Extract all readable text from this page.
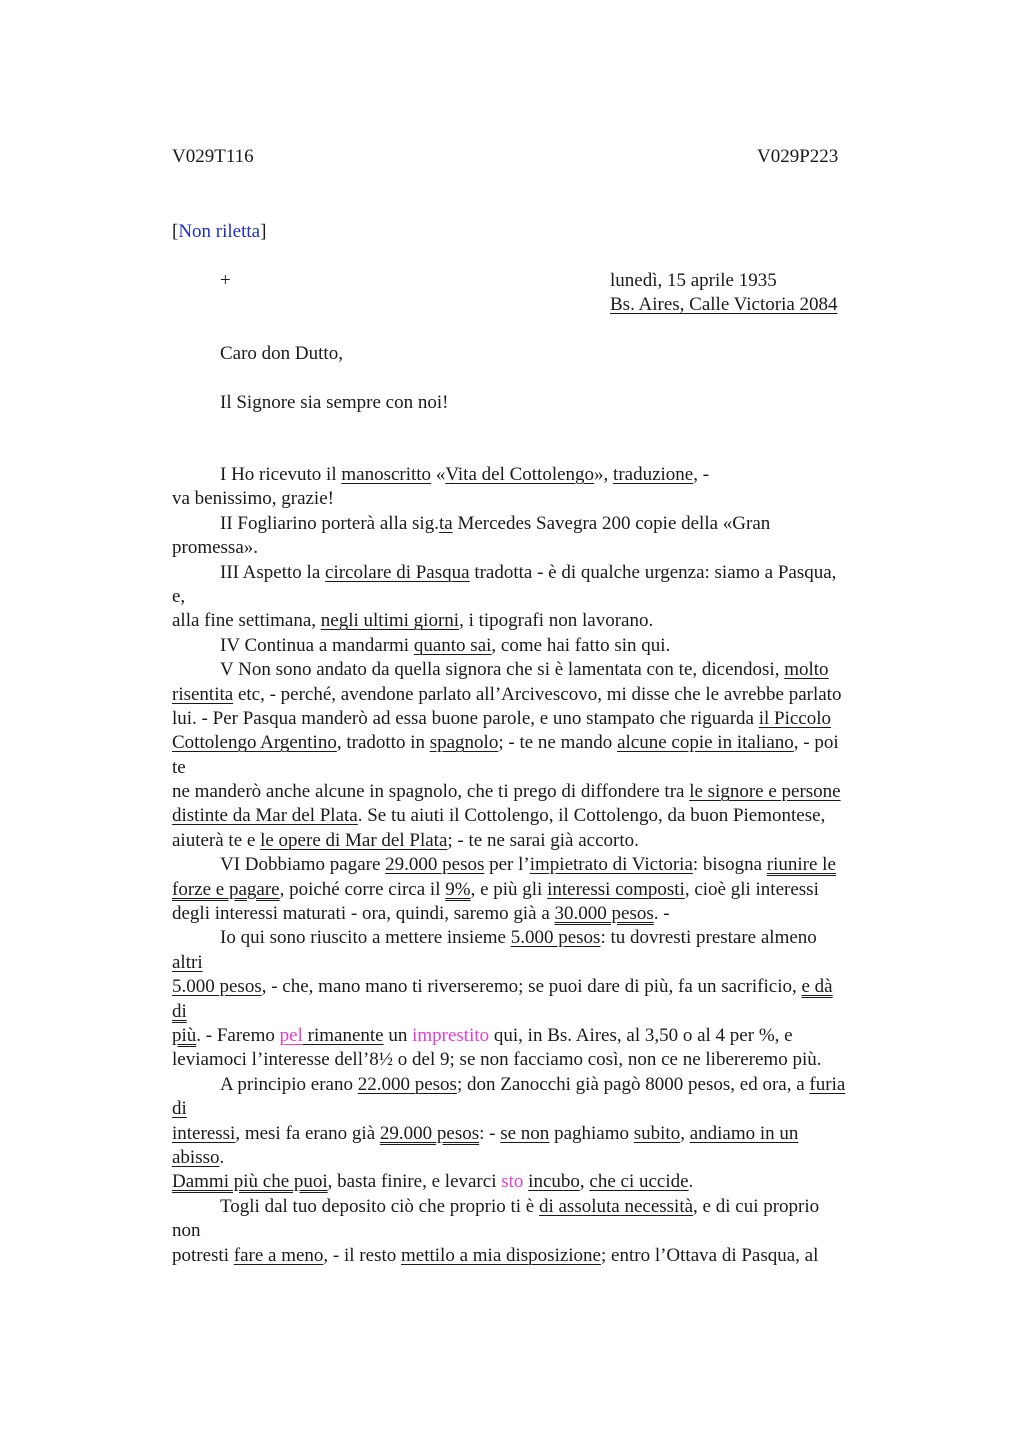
V029T116	V029P223
[Non riletta]
+	lunedì, 15 aprile 1935
Bs. Aires, Calle Victoria 2084
Caro don Dutto,
Il Signore sia sempre con noi!
I Ho ricevuto il manoscritto «Vita del Cottolengo», traduzione, -
va benissimo, grazie!
II Fogliarino porterà alla sig.ta Mercedes Savegra 200 copie della «Gran
promessa».
III Aspetto la circolare di Pasqua tradotta - è di qualche urgenza: siamo a Pasqua,
e,
alla fine settimana, negli ultimi giorni, i tipografi non lavorano.
IV Continua a mandarmi quanto sai, come hai fatto sin qui.
V Non sono andato da quella signora che si è lamentata con te, dicendosi, molto
risentita etc, - perché, avendone parlato all’Arcivescovo, mi disse che le avrebbe parlato
lui. - Per Pasqua manderò ad essa buone parole, e uno stampato che riguarda il Piccolo
Cottolengo Argentino, tradotto in spagnolo; - te ne mando alcune copie in italiano, - poi
te
ne manderò anche alcune in spagnolo, che ti prego di diffondere tra le signore e persone
distinte da Mar del Plata. Se tu aiuti il Cottolengo, il Cottolengo, da buon Piemontese,
aiuterà te e le opere di Mar del Plata; - te ne sarai già accorto.
VI Dobbiamo pagare 29.000 pesos per l’impietrato di Victoria: bisogna riunire le
forze e pagare, poiché corre circa il 9%, e più gli interessi composti, cioè gli interessi
degli interessi maturati - ora, quindi, saremo già a 30.000 pesos. -
Io qui sono riuscito a mettere insieme 5.000 pesos: tu dovresti prestare almeno
altri
5.000 pesos, - che, mano mano ti riverseremo; se puoi dare di più, fa un sacrificio, e dà
di
più. - Faremo pel rimanente un imprestito qui, in Bs. Aires, al 3,50 o al 4 per %, e
leviamoci l’interesse dell’8½ o del 9; se non facciamo così, non ce ne libereremo più.
A principio erano 22.000 pesos; don Zanocchi già pagò 8000 pesos, ed ora, a furia
di
interessi, mesi fa erano già 29.000 pesos: - se non paghiamo subito, andiamo in un
abisso.
Dammi più che puoi, basta finire, e levarci sto incubo, che ci uccide.
Togli dal tuo deposito ciò che proprio ti è di assoluta necessità, e di cui proprio
non
potresti fare a meno, - il resto mettilo a mia disposizione; entro l’Ottava di Pasqua, al
